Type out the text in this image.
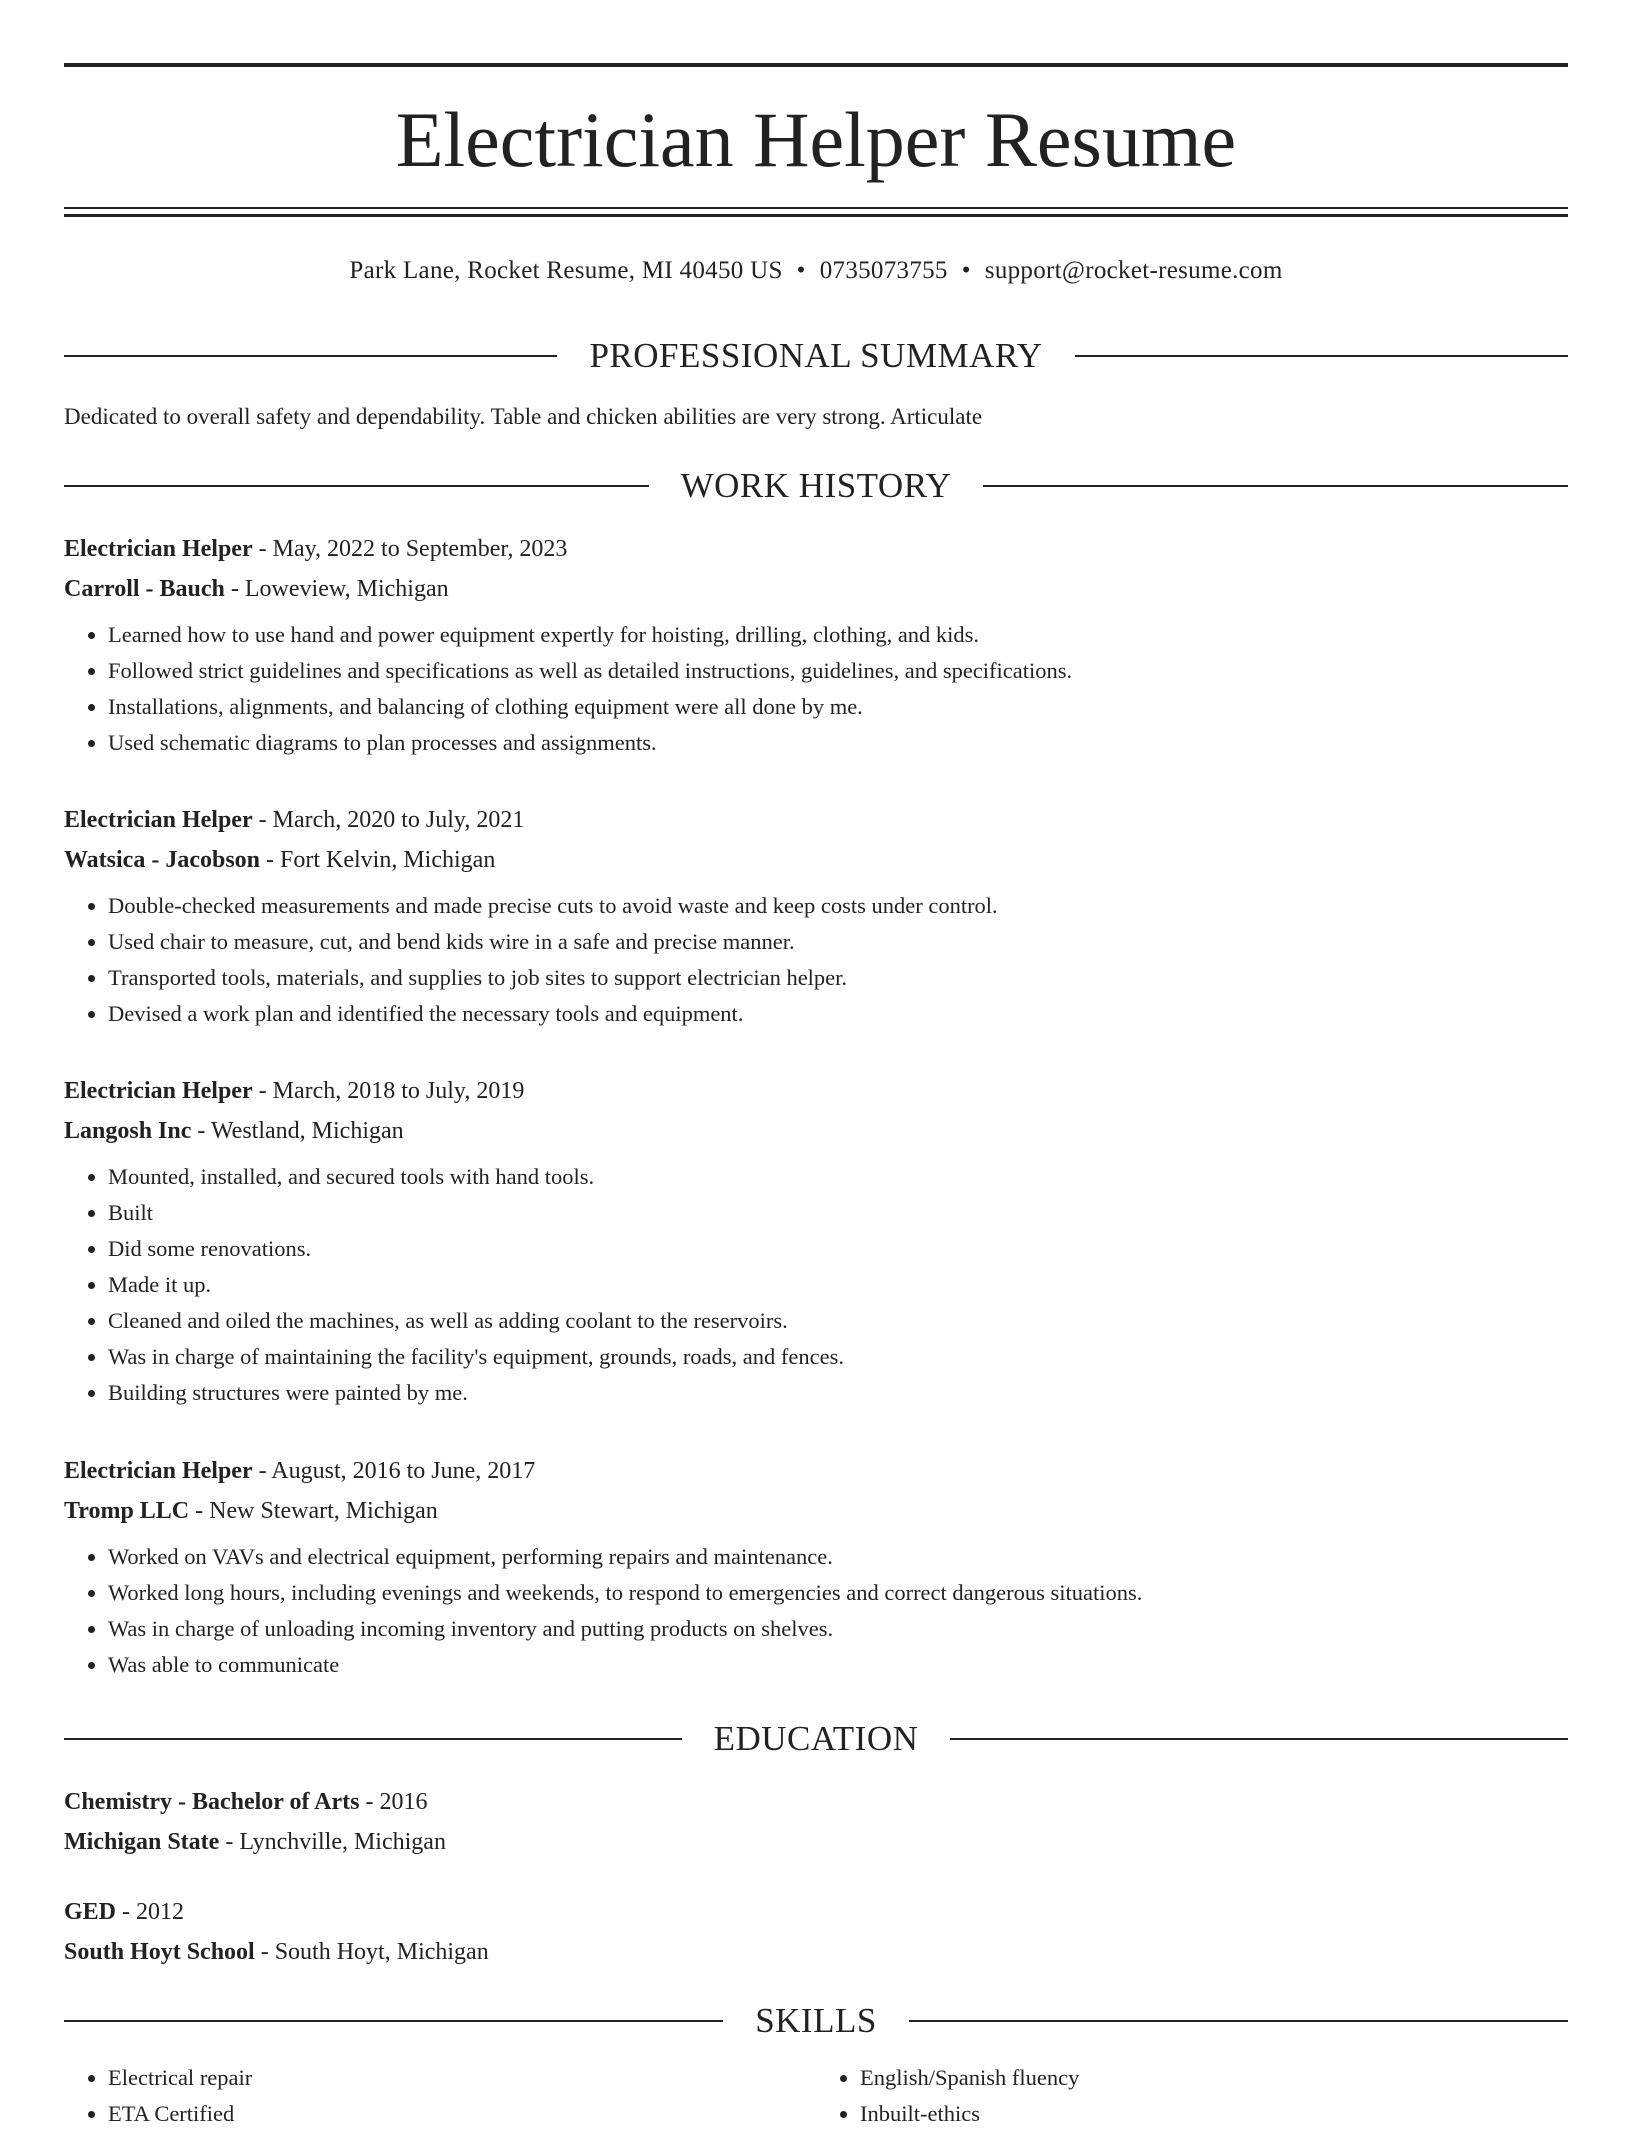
Electrician Helper Resume
Park Lane, Rocket Resume, MI 40450 US • 0735073755 • support@rocket-resume.com
PROFESSIONAL SUMMARY
Dedicated to overall safety and dependability. Table and chicken abilities are very strong. Articulate
WORK HISTORY
Electrician Helper - May, 2022 to September, 2023
Carroll - Bauch - Loweview, Michigan
• Learned how to use hand and power equipment expertly for hoisting, drilling, clothing, and kids.
• Followed strict guidelines and specifications as well as detailed instructions, guidelines, and specifications.
• Installations, alignments, and balancing of clothing equipment were all done by me.
• Used schematic diagrams to plan processes and assignments.
Electrician Helper - March, 2020 to July, 2021
Watsica - Jacobson - Fort Kelvin, Michigan
• Double-checked measurements and made precise cuts to avoid waste and keep costs under control.
• Used chair to measure, cut, and bend kids wire in a safe and precise manner.
• Transported tools, materials, and supplies to job sites to support electrician helper.
• Devised a work plan and identified the necessary tools and equipment.
Electrician Helper - March, 2018 to July, 2019
Langosh Inc - Westland, Michigan
• Mounted, installed, and secured tools with hand tools.
• Built
• Did some renovations.
• Made it up.
• Cleaned and oiled the machines, as well as adding coolant to the reservoirs.
• Was in charge of maintaining the facility's equipment, grounds, roads, and fences.
• Building structures were painted by me.
Electrician Helper - August, 2016 to June, 2017
Tromp LLC - New Stewart, Michigan
• Worked on VAVs and electrical equipment, performing repairs and maintenance.
• Worked long hours, including evenings and weekends, to respond to emergencies and correct dangerous situations.
• Was in charge of unloading incoming inventory and putting products on shelves.
• Was able to communicate
EDUCATION
Chemistry - Bachelor of Arts - 2016
Michigan State - Lynchville, Michigan
GED - 2012
South Hoyt School - South Hoyt, Michigan
SKILLS
• Electrical repair
• ETA Certified
• English/Spanish fluency
• Inbuilt-ethics
